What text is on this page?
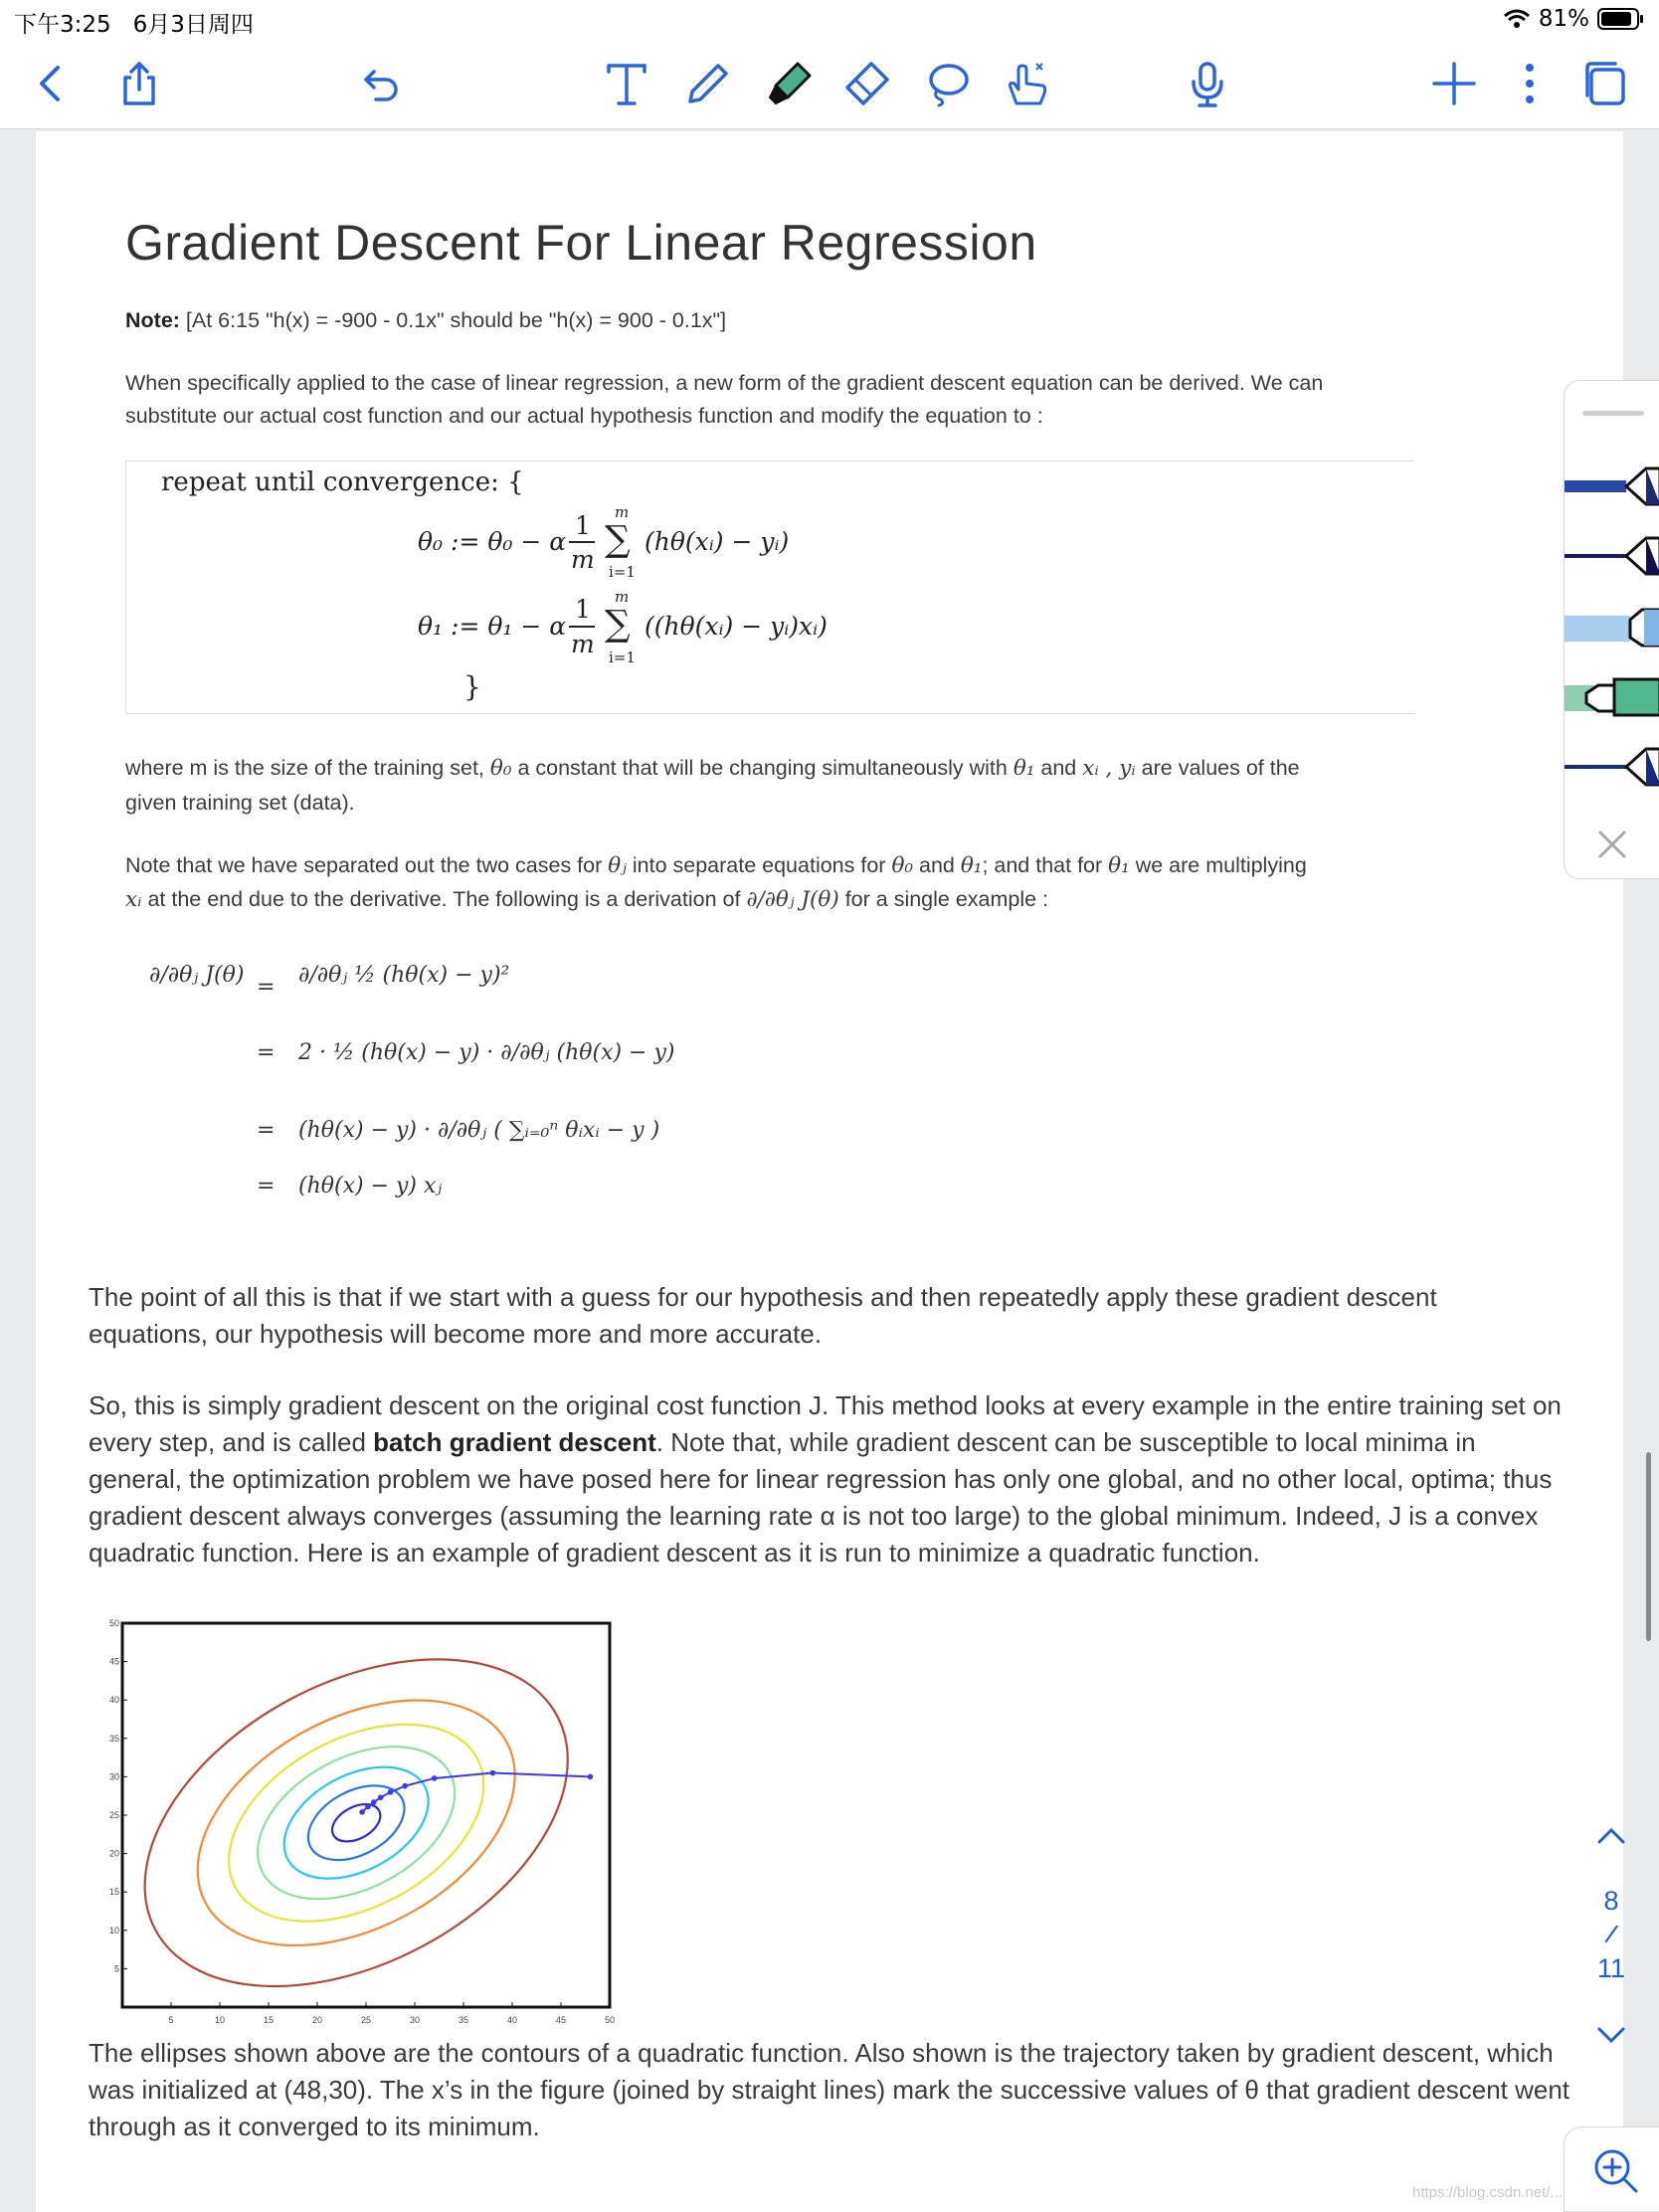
下午3:25 6月3日周四	81%
Gradient Descent For Linear Regression
Note: [At 6:15 "h(x) = -900 - 0.1x" should be "h(x) = 900 - 0.1x"]
When specifically applied to the case of linear regression, a new form of the gradient descent equation can be derived. We can
substitute our actual cost function and our actual hypothesis function and modify the equation to :
repeat until convergence: {
θ₀ := θ₀ − α
1
m
m
∑
i=1
(hθ(xᵢ) − yᵢ)
θ₁ := θ₁ − α
1
m
m
∑
i=1
((hθ(xᵢ) − yᵢ)xᵢ)
}
where m is the size of the training set, θ₀ a constant that will be changing simultaneously with θ₁ and xᵢ , yᵢ are values of the
given training set (data).
Note that we have separated out the two cases for θⱼ into separate equations for θ₀ and θ₁; and that for θ₁ we are multiplying
xᵢ at the end due to the derivative. The following is a derivation of ∂/∂θⱼ J(θ) for a single example :
∂/∂θⱼ J(θ) = ∂/∂θⱼ ½ (hθ(x) − y)²
= 2 · ½ (hθ(x) − y) · ∂/∂θⱼ (hθ(x) − y)
= (hθ(x) − y) · ∂/∂θⱼ ( ∑ᵢ₌₀ⁿ θᵢxᵢ − y )
= (hθ(x) − y) xⱼ
The point of all this is that if we start with a guess for our hypothesis and then repeatedly apply these gradient descent
equations, our hypothesis will become more and more accurate.
So, this is simply gradient descent on the original cost function J. This method looks at every example in the entire training set on
every step, and is called batch gradient descent. Note that, while gradient descent can be susceptible to local minima in
general, the optimization problem we have posed here for linear regression has only one global, and no other local, optima; thus
gradient descent always converges (assuming the learning rate α is not too large) to the global minimum. Indeed, J is a convex
quadratic function. Here is an example of gradient descent as it is run to minimize a quadratic function.
5	10	15	20	25	30	35	40	45	50
5
10
15
20
25
30
35
40
45
50
The ellipses shown above are the contours of a quadratic function. Also shown is the trajectory taken by gradient descent, which
was initialized at (48,30). The x’s in the figure (joined by straight lines) mark the successive values of θ that gradient descent went
through as it converged to its minimum.
8
/
11
https://blog.csdn.net/...
